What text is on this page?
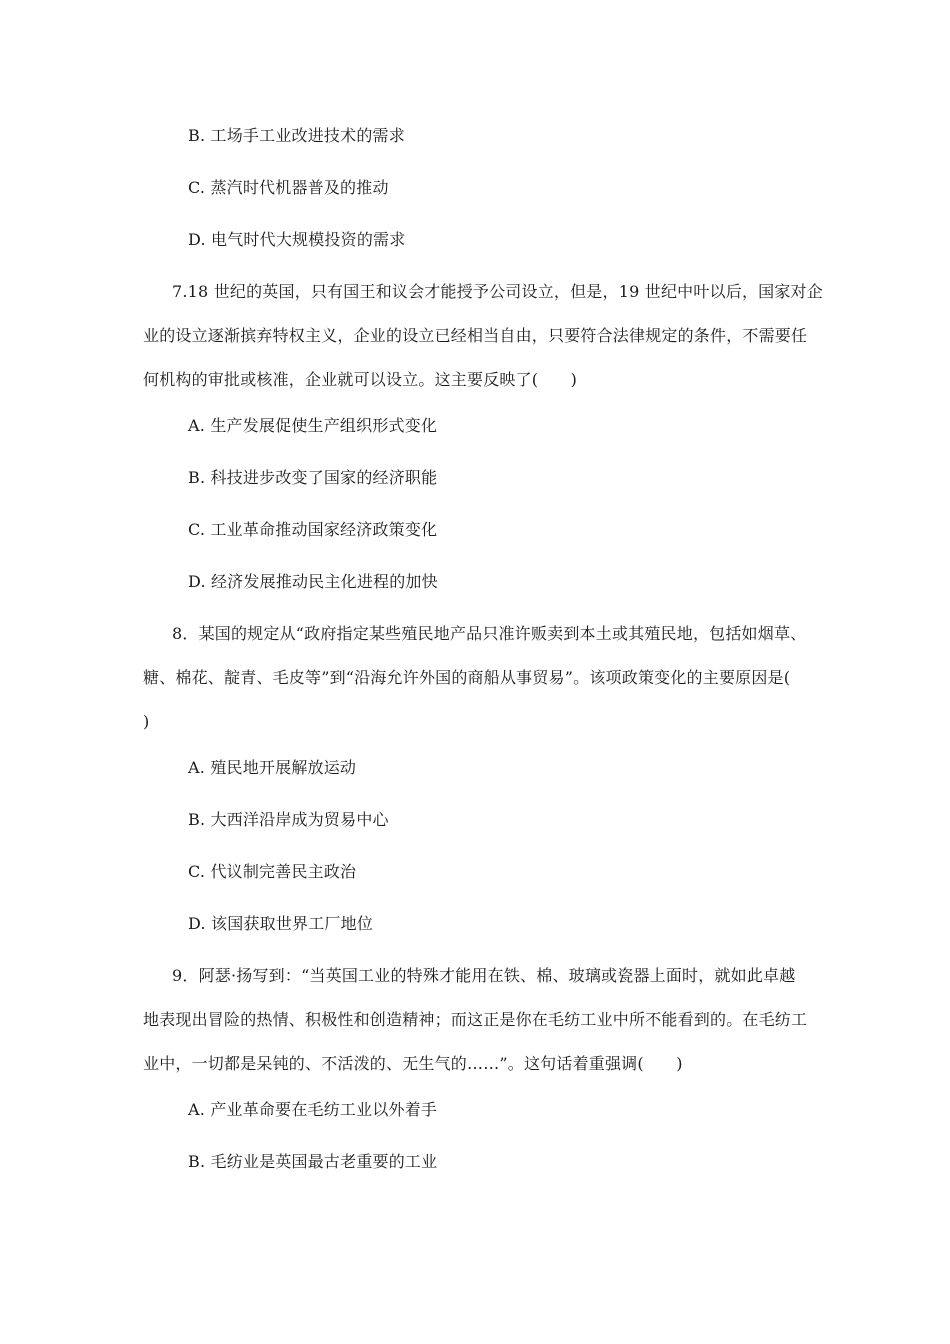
B. 工场手工业改进技术的需求
C. 蒸汽时代机器普及的推动
D. 电气时代大规模投资的需求
7.18 世纪的英国，只有国王和议会才能授予公司设立，但是，19 世纪中叶以后，国家对企
业的设立逐渐摈弃特权主义，企业的设立已经相当自由，只要符合法律规定的条件，不需要任
何机构的审批或核准，企业就可以设立。这主要反映了(　　)
A. 生产发展促使生产组织形式变化
B. 科技进步改变了国家的经济职能
C. 工业革命推动国家经济政策变化
D. 经济发展推动民主化进程的加快
8．某国的规定从“政府指定某些殖民地产品只准许贩卖到本土或其殖民地，包括如烟草、
糖、棉花、靛青、毛皮等”到“沿海允许外国的商船从事贸易”。该项政策变化的主要原因是(
)
A. 殖民地开展解放运动
B. 大西洋沿岸成为贸易中心
C. 代议制完善民主政治
D. 该国获取世界工厂地位
9．阿瑟·扬写到：“当英国工业的特殊才能用在铁、棉、玻璃或瓷器上面时，就如此卓越
地表现出冒险的热情、积极性和创造精神；而这正是你在毛纺工业中所不能看到的。在毛纺工
业中，一切都是呆钝的、不活泼的、无生气的……”。这句话着重强调(　　)
A. 产业革命要在毛纺工业以外着手
B. 毛纺业是英国最古老重要的工业
